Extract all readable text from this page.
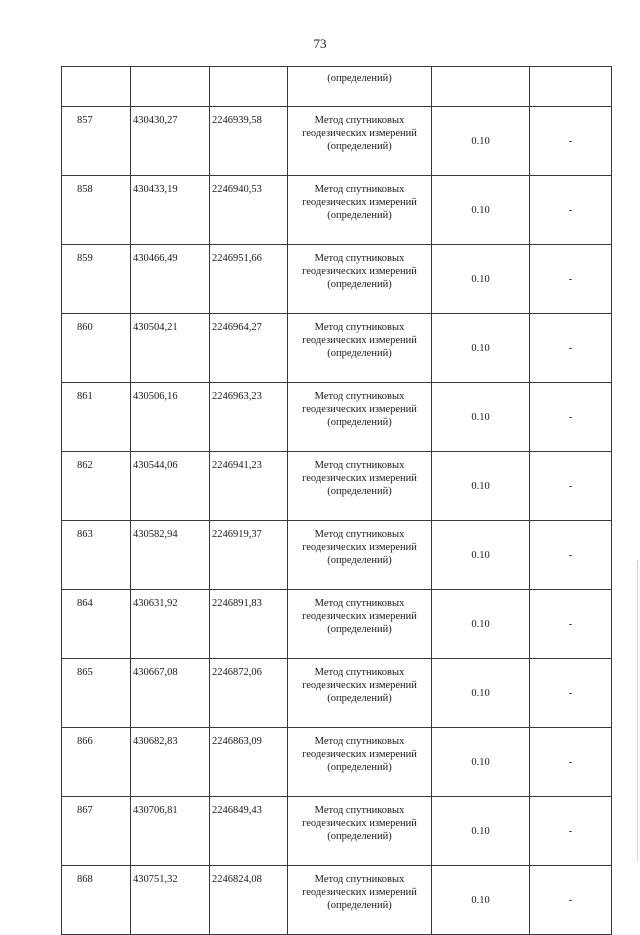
73
			(определений)		
857	430430,27	2246939,58	Метод спутниковых
геодезических измерений
(определений)	0.10	-
858	430433,19	2246940,53	Метод спутниковых
геодезических измерений
(определений)	0.10	-
859	430466,49	2246951,66	Метод спутниковых
геодезических измерений
(определений)	0.10	-
860	430504,21	2246964,27	Метод спутниковых
геодезических измерений
(определений)	0.10	-
861	430506,16	2246963,23	Метод спутниковых
геодезических измерений
(определений)	0.10	-
862	430544,06	2246941,23	Метод спутниковых
геодезических измерений
(определений)	0.10	-
863	430582,94	2246919,37	Метод спутниковых
геодезических измерений
(определений)	0.10	-
864	430631,92	2246891,83	Метод спутниковых
геодезических измерений
(определений)	0.10	-
865	430667,08	2246872,06	Метод спутниковых
геодезических измерений
(определений)	0.10	-
866	430682,83	2246863,09	Метод спутниковых
геодезических измерений
(определений)	0.10	-
867	430706,81	2246849,43	Метод спутниковых
геодезических измерений
(определений)	0.10	-
868	430751,32	2246824,08	Метод спутниковых
геодезических измерений
(определений)	0.10	-
